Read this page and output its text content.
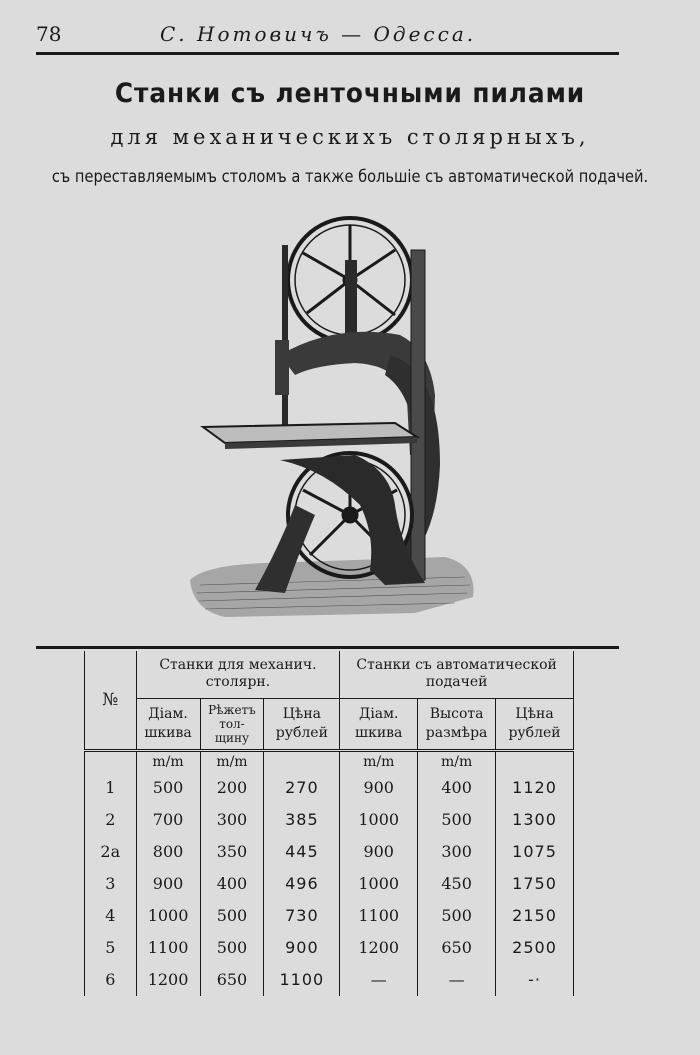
78	С. Нотовичъ — Одесса.
Станки съ ленточными пилами
для механическихъ столярныхъ,
съ переставляемымъ столомъ а также большіе съ автоматической подачей.
№	Станки для механич. столярн.			Станки съ автоматической подачей		
	Діам. шкива	Рѣжетъ тол- щину	Цѣна рублей	Діам. шкива	Высота размѣра	Цѣна рублей
	m/m	m/m		m/m	m/m	
1	500	200	270	900	400	1120
2	700	300	385	1000	500	1300
2a	800	350	445	900	300	1075
3	900	400	496	1000	450	1750
4	1000	500	730	1100	500	2150
5	1100	500	900	1200	650	2500
6	1200	650	1100	—	—	-·
